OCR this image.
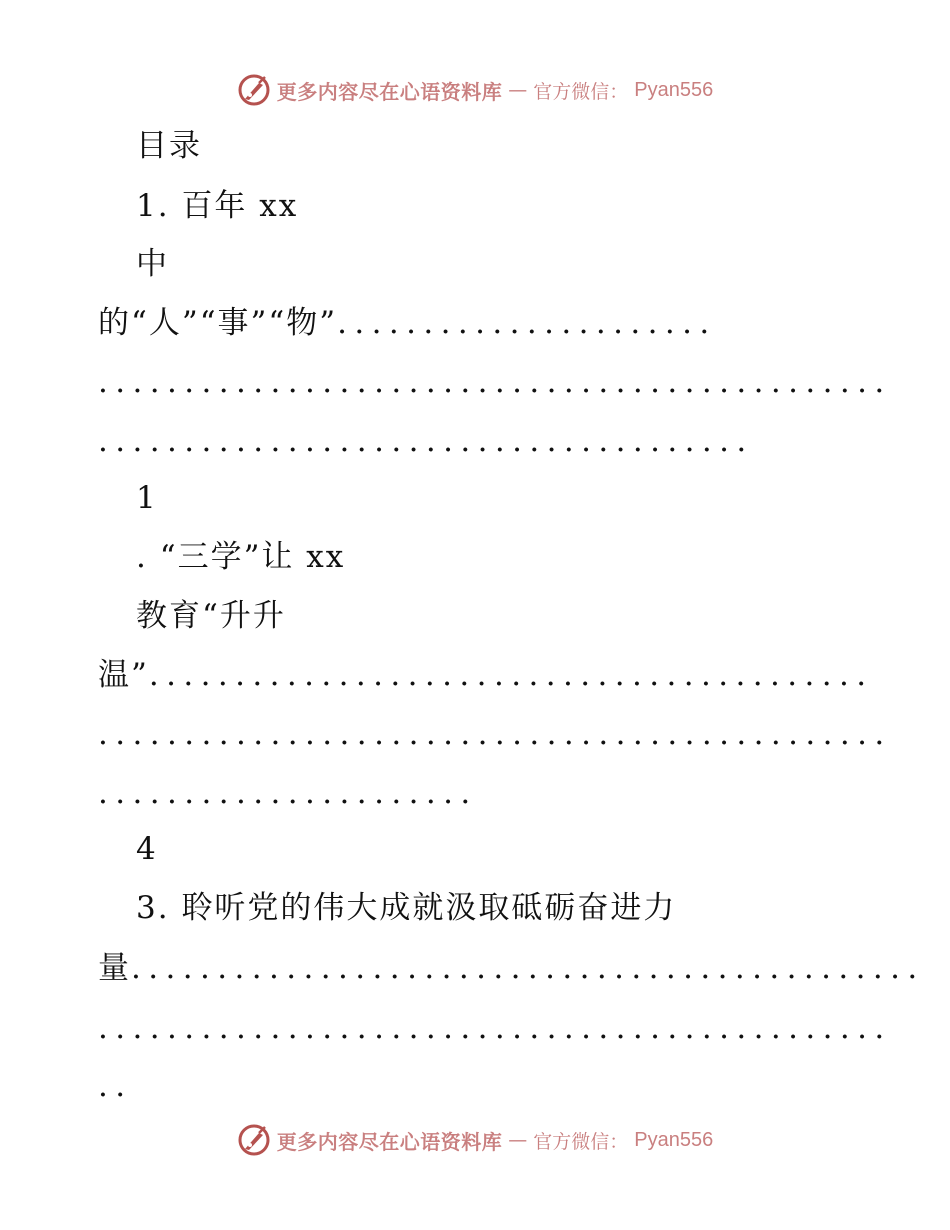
更多内容尽在心语资料库 — 官方微信： Pyan556
目录
1. 百年 xx
中
的“人”“事”“物”......................
..............................................
......................................
1
. “三学”让 xx
教育“升升
温”..........................................
..............................................
......................
4
3. 聆听党的伟大成就汲取砥砺奋进力
量..............................................
..............................................
..
更多内容尽在心语资料库 — 官方微信： Pyan556
